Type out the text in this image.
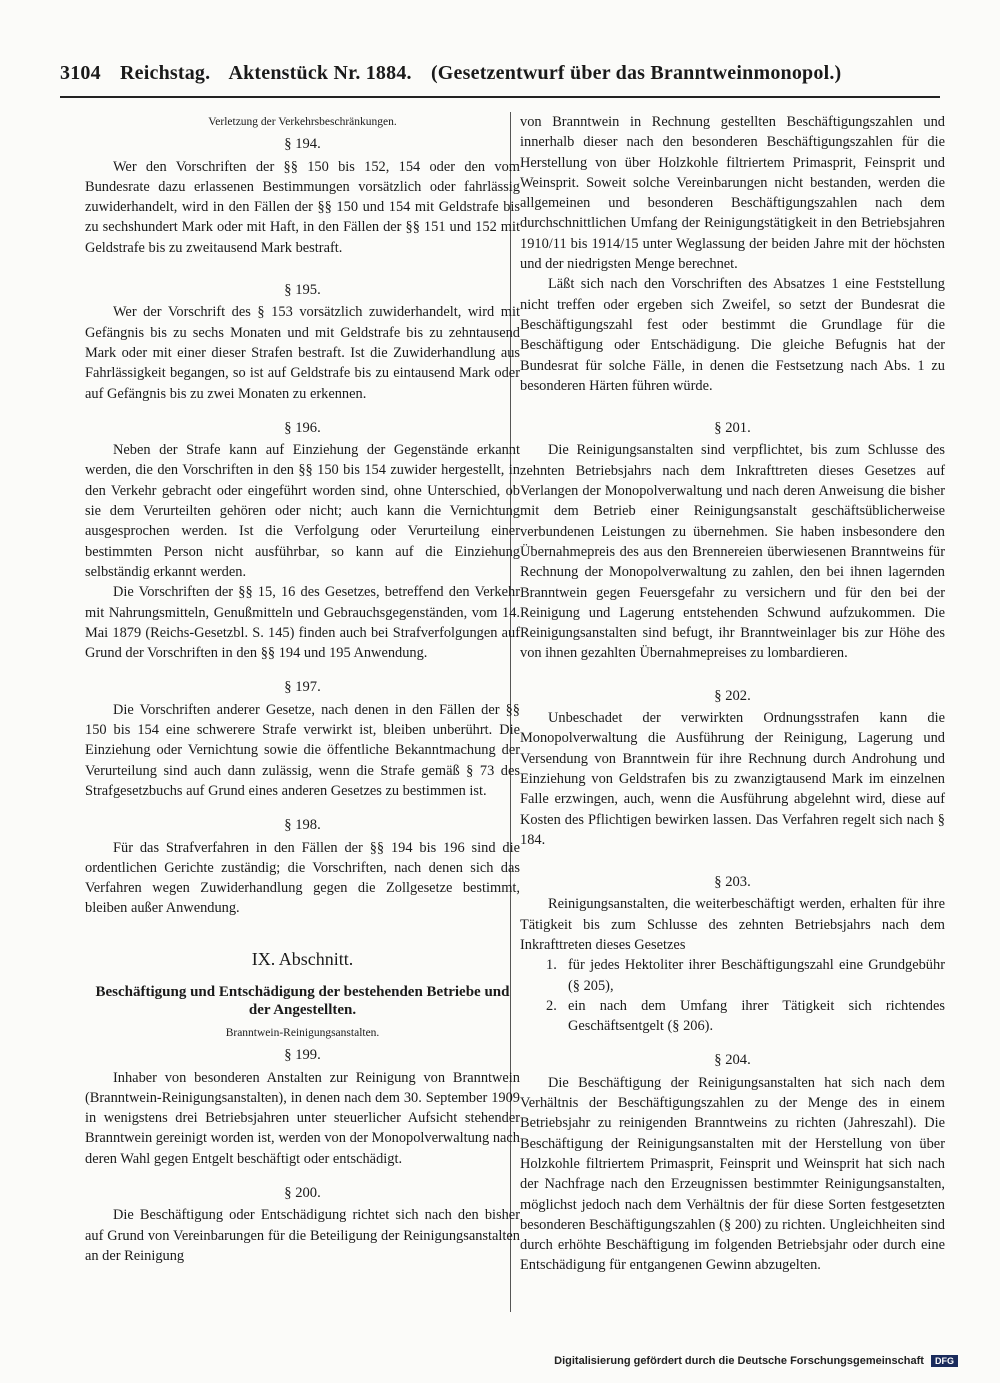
3104 Reichstag. Aktenstück Nr. 1884. (Gesetzentwurf über das Branntweinmonopol.)

Verletzung der Verkehrsbeschränkungen.

§ 194.

Wer den Vorschriften der §§ 150 bis 152, 154 oder den vom Bundesrate dazu erlassenen Bestimmungen vorsätzlich oder fahrlässig zuwiderhandelt, wird in den Fällen der §§ 150 und 154 mit Geldstrafe bis zu sechshundert Mark oder mit Haft, in den Fällen der §§ 151 und 152 mit Geldstrafe bis zu zweitausend Mark bestraft.

§ 195.

Wer der Vorschrift des § 153 vorsätzlich zuwiderhandelt, wird mit Gefängnis bis zu sechs Monaten und mit Geldstrafe bis zu zehntausend Mark oder mit einer dieser Strafen bestraft. Ist die Zuwiderhandlung aus Fahrlässigkeit begangen, so ist auf Geldstrafe bis zu eintausend Mark oder auf Gefängnis bis zu zwei Monaten zu erkennen.

§ 196.

Neben der Strafe kann auf Einziehung der Gegenstände erkannt werden, die den Vorschriften in den §§ 150 bis 154 zuwider hergestellt, in den Verkehr gebracht oder eingeführt worden sind, ohne Unterschied, ob sie dem Verurteilten gehören oder nicht; auch kann die Vernichtung ausgesprochen werden. Ist die Verfolgung oder Verurteilung einer bestimmten Person nicht ausführbar, so kann auf die Einziehung selbständig erkannt werden.

Die Vorschriften der §§ 15, 16 des Gesetzes, betreffend den Verkehr mit Nahrungsmitteln, Genußmitteln und Gebrauchsgegenständen, vom 14. Mai 1879 (Reichs-Gesetzbl. S. 145) finden auch bei Strafverfolgungen auf Grund der Vorschriften in den §§ 194 und 195 Anwendung.

§ 197.

Die Vorschriften anderer Gesetze, nach denen in den Fällen der §§ 150 bis 154 eine schwerere Strafe verwirkt ist, bleiben unberührt. Die Einziehung oder Vernichtung sowie die öffentliche Bekanntmachung der Verurteilung sind auch dann zulässig, wenn die Strafe gemäß § 73 des Strafgesetzbuchs auf Grund eines anderen Gesetzes zu bestimmen ist.

§ 198.

Für das Strafverfahren in den Fällen der §§ 194 bis 196 sind die ordentlichen Gerichte zuständig; die Vorschriften, nach denen sich das Verfahren wegen Zuwiderhandlung gegen die Zollgesetze bestimmt, bleiben außer Anwendung.

IX. Abschnitt.

Beschäftigung und Entschädigung der bestehenden Betriebe und der Angestellten.

Branntwein-Reinigungsanstalten.

§ 199.

Inhaber von besonderen Anstalten zur Reinigung von Branntwein (Branntwein-Reinigungsanstalten), in denen nach dem 30. September 1909 in wenigstens drei Betriebsjahren unter steuerlicher Aufsicht stehender Branntwein gereinigt worden ist, werden von der Monopolverwaltung nach deren Wahl gegen Entgelt beschäftigt oder entschädigt.

§ 200.

Die Beschäftigung oder Entschädigung richtet sich nach den bisher auf Grund von Vereinbarungen für die Beteiligung der Reinigungsanstalten an der Reinigung

von Branntwein in Rechnung gestellten Beschäftigungszahlen und innerhalb dieser nach den besonderen Beschäftigungszahlen für die Herstellung von über Holzkohle filtriertem Primasprit, Feinsprit und Weinsprit. Soweit solche Vereinbarungen nicht bestanden, werden die allgemeinen und besonderen Beschäftigungszahlen nach dem durchschnittlichen Umfang der Reinigungstätigkeit in den Betriebsjahren 1910/11 bis 1914/15 unter Weglassung der beiden Jahre mit der höchsten und der niedrigsten Menge berechnet.

Läßt sich nach den Vorschriften des Absatzes 1 eine Feststellung nicht treffen oder ergeben sich Zweifel, so setzt der Bundesrat die Beschäftigungszahl fest oder bestimmt die Grundlage für die Beschäftigung oder Entschädigung. Die gleiche Befugnis hat der Bundesrat für solche Fälle, in denen die Festsetzung nach Abs. 1 zu besonderen Härten führen würde.

§ 201.

Die Reinigungsanstalten sind verpflichtet, bis zum Schlusse des zehnten Betriebsjahrs nach dem Inkrafttreten dieses Gesetzes auf Verlangen der Monopolverwaltung und nach deren Anweisung die bisher mit dem Betrieb einer Reinigungsanstalt geschäftsüblicherweise verbundenen Leistungen zu übernehmen. Sie haben insbesondere den Übernahmepreis des aus den Brennereien überwiesenen Branntweins für Rechnung der Monopolverwaltung zu zahlen, den bei ihnen lagernden Branntwein gegen Feuersgefahr zu versichern und für den bei der Reinigung und Lagerung entstehenden Schwund aufzukommen. Die Reinigungsanstalten sind befugt, ihr Branntweinlager bis zur Höhe des von ihnen gezahlten Übernahmepreises zu lombardieren.

§ 202.

Unbeschadet der verwirkten Ordnungsstrafen kann die Monopolverwaltung die Ausführung der Reinigung, Lagerung und Versendung von Branntwein für ihre Rechnung durch Androhung und Einziehung von Geldstrafen bis zu zwanzigtausend Mark im einzelnen Falle erzwingen, auch, wenn die Ausführung abgelehnt wird, diese auf Kosten des Pflichtigen bewirken lassen. Das Verfahren regelt sich nach § 184.

§ 203.

Reinigungsanstalten, die weiterbeschäftigt werden, erhalten für ihre Tätigkeit bis zum Schlusse des zehnten Betriebsjahrs nach dem Inkrafttreten dieses Gesetzes

1. für jedes Hektoliter ihrer Beschäftigungszahl eine Grundgebühr (§ 205),

2. ein nach dem Umfang ihrer Tätigkeit sich richtendes Geschäftsentgelt (§ 206).

§ 204.

Die Beschäftigung der Reinigungsanstalten hat sich nach dem Verhältnis der Beschäftigungszahlen zu der Menge des in einem Betriebsjahr zu reinigenden Branntweins zu richten (Jahreszahl). Die Beschäftigung der Reinigungsanstalten mit der Herstellung von über Holzkohle filtriertem Primasprit, Feinsprit und Weinsprit hat sich nach der Nachfrage nach den Erzeugnissen bestimmter Reinigungsanstalten, möglichst jedoch nach dem Verhältnis der für diese Sorten festgesetzten besonderen Beschäftigungszahlen (§ 200) zu richten. Ungleichheiten sind durch erhöhte Beschäftigung im folgenden Betriebsjahr oder durch eine Entschädigung für entgangenen Gewinn abzugelten.

Digitalisierung gefördert durch die Deutsche Forschungsgemeinschaft DFG
